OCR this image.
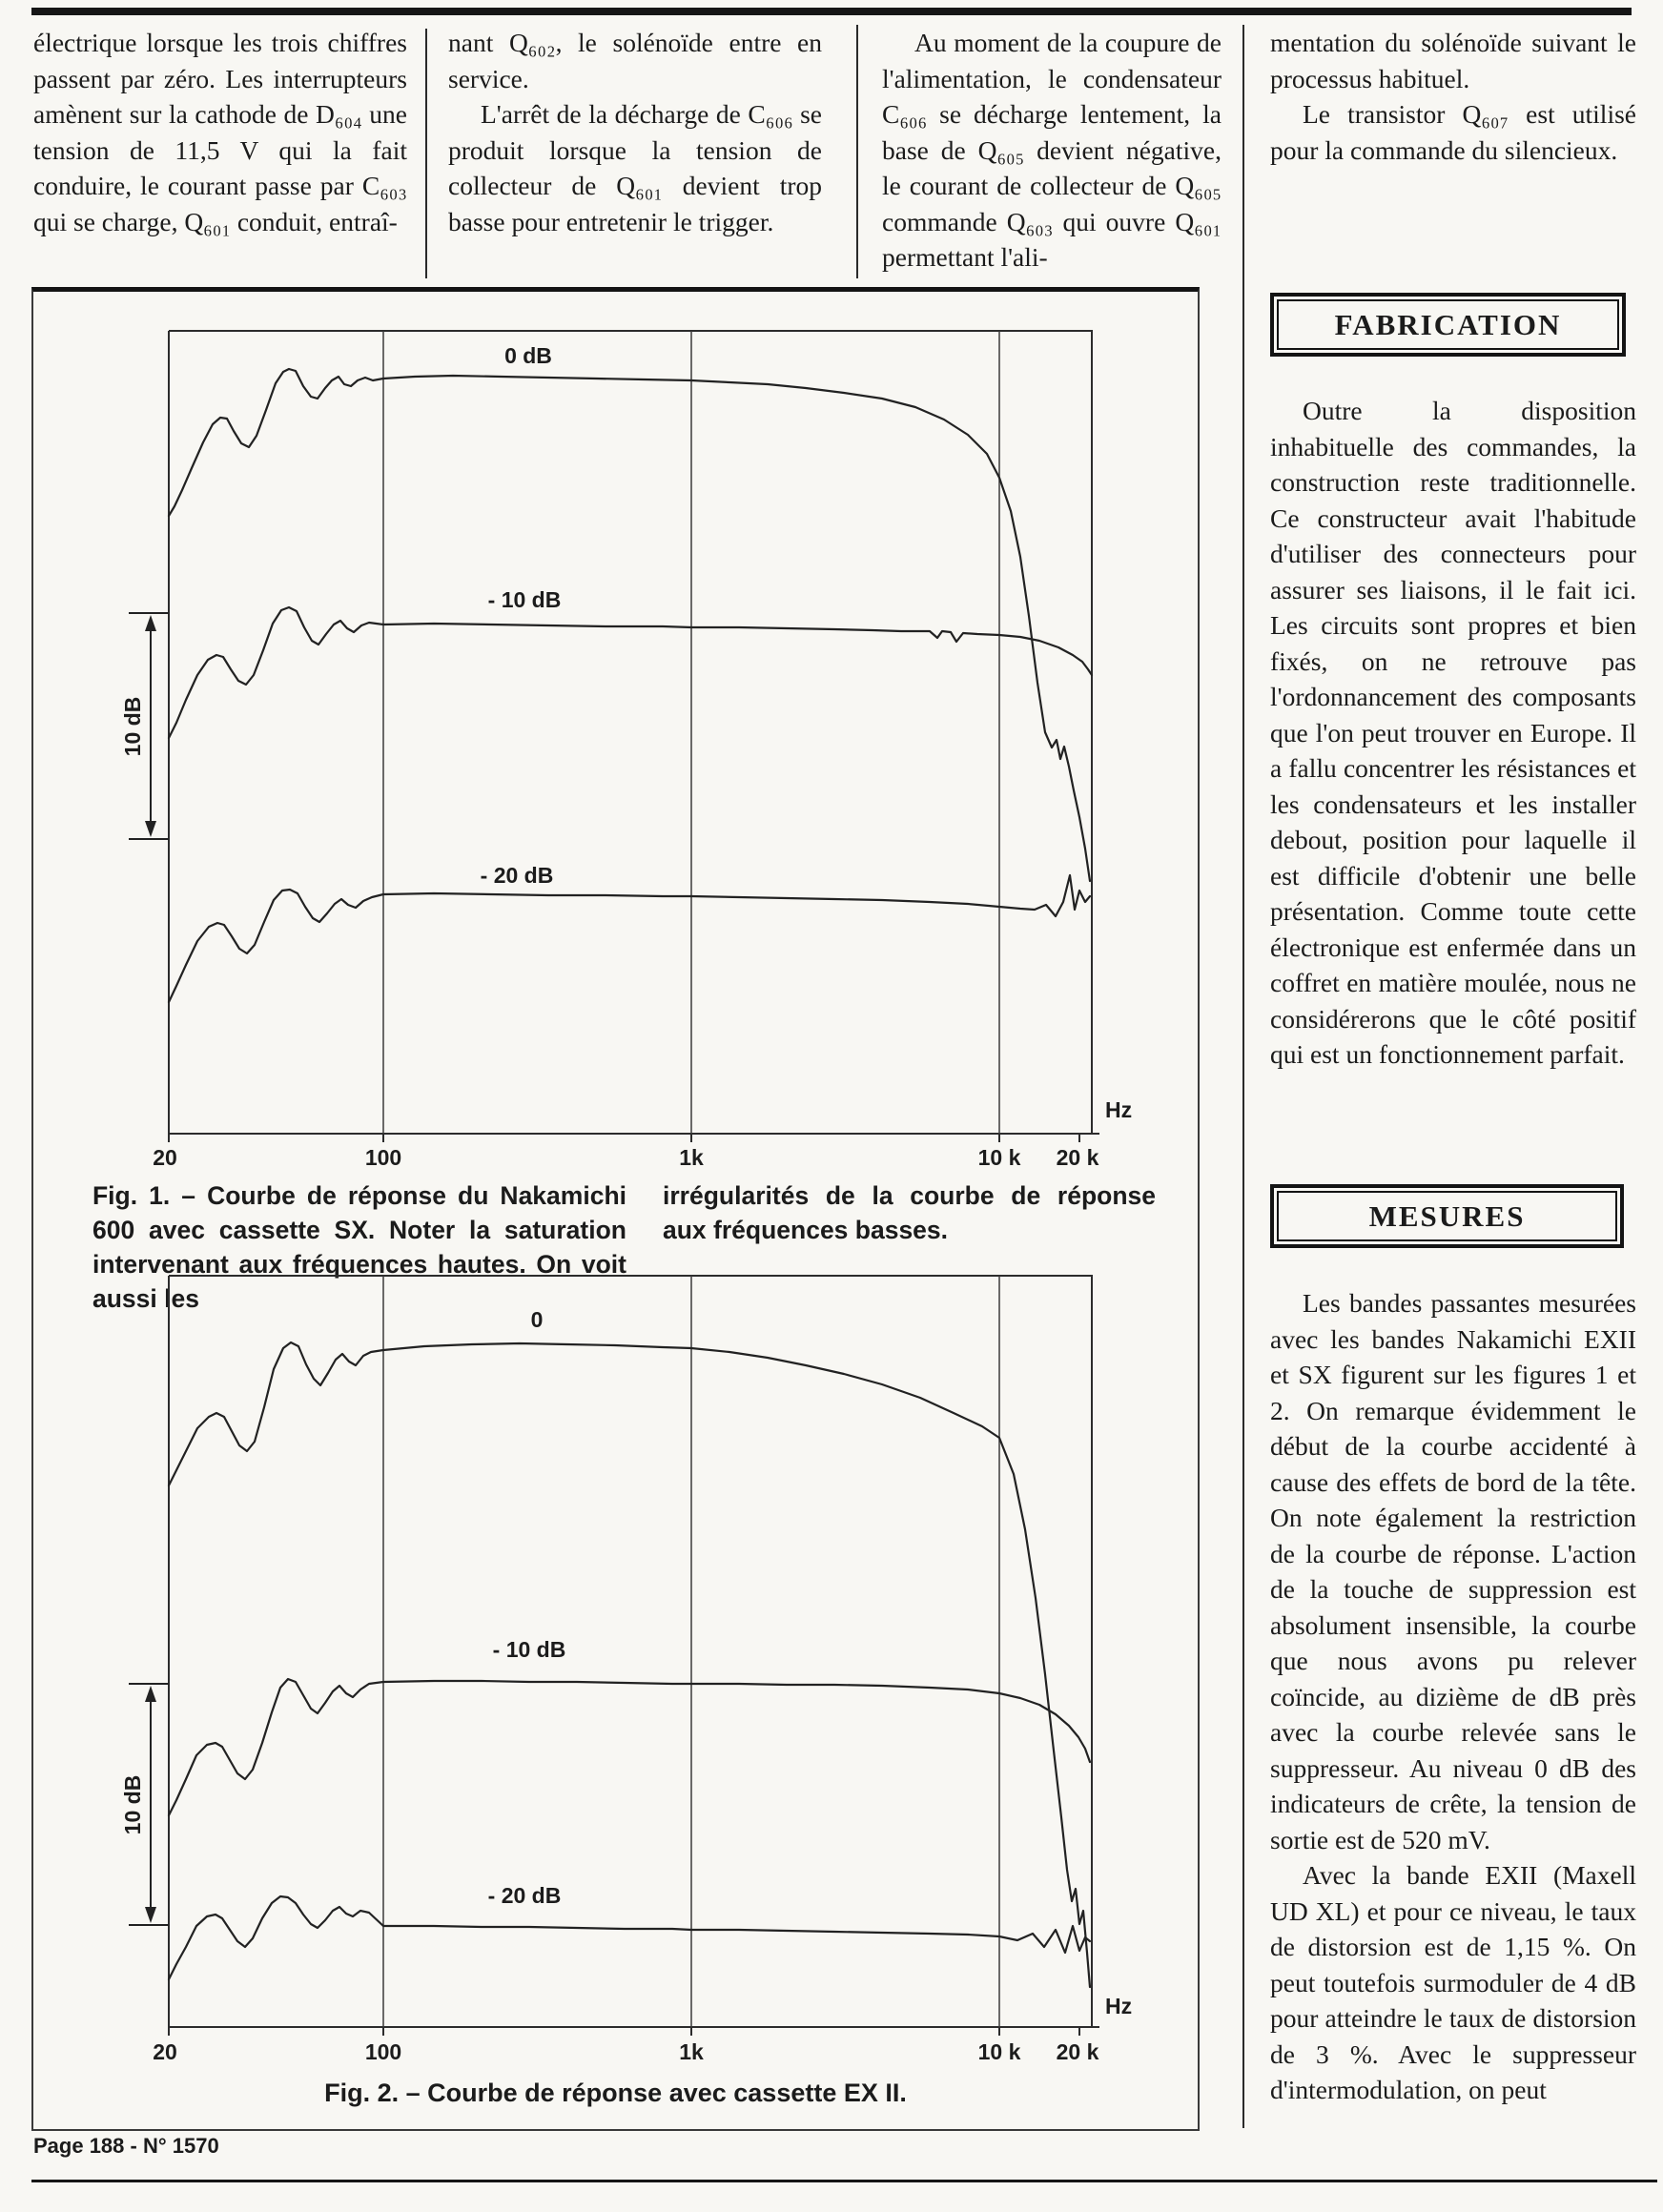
électrique lorsque les trois chiffres passent par zéro. Les interrupteurs amènent sur la cathode de D₆₀₄ une tension de 11,5 V qui la fait conduire, le courant passe par C₆₀₃ qui se charge, Q₆₀₁ conduit, entraî-

nant Q₆₀₂, le solénoïde entre en service.

L'arrêt de la décharge de C₆₀₆ se produit lorsque la tension de collecteur de Q₆₀₁ devient trop basse pour entretenir le trigger.

Au moment de la coupure de l'alimentation, le condensateur C₆₀₆ se décharge lentement, la base de Q₆₀₅ devient négative, le courant de collecteur de Q₆₀₅ commande Q₆₀₃ qui ouvre Q₆₀₁ permettant l'ali-

mentation du solénoïde suivant le processus habituel.

Le transistor Q₆₀₇ est utilisé pour la commande du silencieux.

20	100	1k	10 k 20 k
Hz
0 dB
- 10 dB
- 20 dB
10 dB
Fig. 1. – Courbe de réponse du Nakamichi 600 avec cassette SX. Noter la saturation intervenant aux fréquences hautes. On voit aussi les
irrégularités de la courbe de réponse aux fréquences basses.
20	100	1k	10 k 20 k
Hz
0
- 10 dB
- 20 dB
10 dB
Fig. 2. – Courbe de réponse avec cassette EX II.
FABRICATION

Outre la disposition inhabituelle des commandes, la construction reste traditionnelle. Ce constructeur avait l'habitude d'utiliser des connecteurs pour assurer ses liaisons, il le fait ici. Les circuits sont propres et bien fixés, on ne retrouve pas l'ordonnancement des composants que l'on peut trouver en Europe. Il a fallu concentrer les résistances et les condensateurs et les installer debout, position pour laquelle il est difficile d'obtenir une belle présentation. Comme toute cette électronique est enfermée dans un coffret en matière moulée, nous ne considérerons que le côté positif qui est un fonctionnement parfait.

MESURES

Les bandes passantes mesurées avec les bandes Nakamichi EXII et SX figurent sur les figures 1 et 2. On remarque évidemment le début de la courbe accidenté à cause des effets de bord de la tête. On note également la restriction de la courbe de réponse. L'action de la touche de suppression est absolument insensible, la courbe que nous avons pu relever coïncide, au dizième de dB près avec la courbe relevée sans le suppresseur. Au niveau 0 dB des indicateurs de crête, la tension de sortie est de 520 mV.

Avec la bande EXII (Maxell UD XL) et pour ce niveau, le taux de distorsion est de 1,15 %. On peut toutefois surmoduler de 4 dB pour atteindre le taux de distorsion de 3 %. Avec le suppresseur d'intermodulation, on peut

Page 188 - N° 1570
